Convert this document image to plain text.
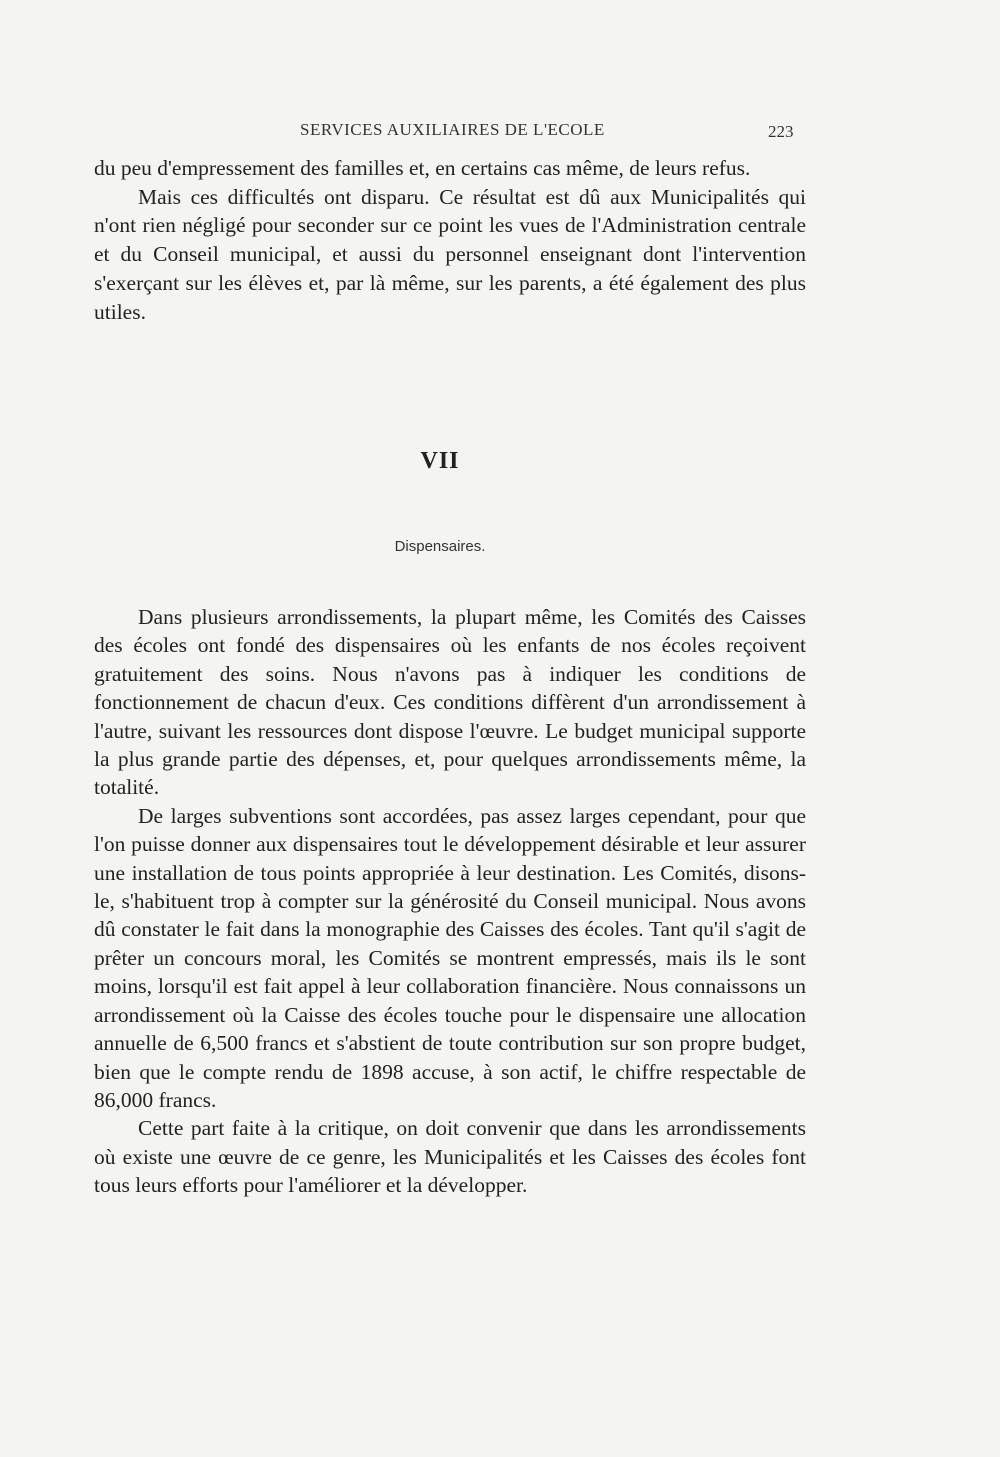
SERVICES AUXILIAIRES DE L'ECOLE	223

du peu d'empressement des familles et, en certains cas même, de leurs refus.

Mais ces difficultés ont disparu. Ce résultat est dû aux Municipalités qui n'ont rien négligé pour seconder sur ce point les vues de l'Administration centrale et du Conseil municipal, et aussi du personnel enseignant dont l'intervention s'exerçant sur les élèves et, par là même, sur les parents, a été également des plus utiles.

VII
Dispensaires.

Dans plusieurs arrondissements, la plupart même, les Comités des Caisses des écoles ont fondé des dispensaires où les enfants de nos écoles reçoivent gratuitement des soins. Nous n'avons pas à indiquer les conditions de fonctionnement de chacun d'eux. Ces conditions diffèrent d'un arrondissement à l'autre, suivant les ressources dont dispose l'œuvre. Le budget municipal supporte la plus grande partie des dépenses, et, pour quelques arrondissements même, la totalité.

De larges subventions sont accordées, pas assez larges cependant, pour que l'on puisse donner aux dispensaires tout le développement désirable et leur assurer une installation de tous points appropriée à leur destination. Les Comités, disons-le, s'habituent trop à compter sur la générosité du Conseil municipal. Nous avons dû constater le fait dans la monographie des Caisses des écoles. Tant qu'il s'agit de prêter un concours moral, les Comités se montrent empressés, mais ils le sont moins, lorsqu'il est fait appel à leur collaboration financière. Nous connaissons un arrondissement où la Caisse des écoles touche pour le dispensaire une allocation annuelle de 6,500 francs et s'abstient de toute contribution sur son propre budget, bien que le compte rendu de 1898 accuse, à son actif, le chiffre respectable de 86,000 francs.

Cette part faite à la critique, on doit convenir que dans les arrondissements où existe une œuvre de ce genre, les Municipalités et les Caisses des écoles font tous leurs efforts pour l'améliorer et la développer.
